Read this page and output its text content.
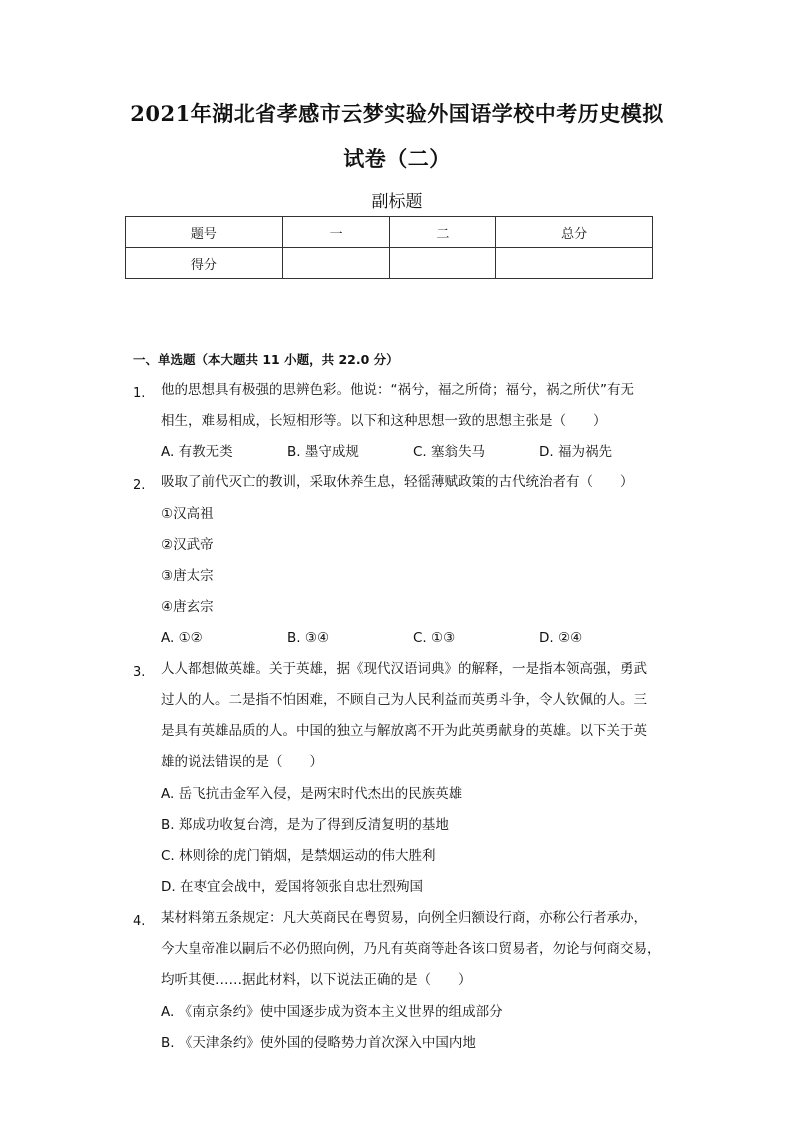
2021年湖北省孝感市云梦实验外国语学校中考历史模拟
试卷（二）
副标题
题号	一	二	总分
得分			
一、单选题（本大题共 11 小题，共 22.0 分）
1. 他的思想具有极强的思辨色彩。他说：“祸兮，福之所倚；福兮，祸之所伏”有无
相生，难易相成，长短相形等。以下和这种思想一致的思想主张是（　　）
A. 有教无类	B. 墨守成规	C. 塞翁失马	D. 福为祸先
2. 吸取了前代灭亡的教训，采取休养生息，轻徭薄赋政策的古代统治者有（　　）
①汉高祖
②汉武帝
③唐太宗
④唐玄宗
A. ①②	B. ③④	C. ①③	D. ②④
3. 人人都想做英雄。关于英雄，据《现代汉语词典》的解释，一是指本领高强，勇武
过人的人。二是指不怕困难，不顾自己为人民利益而英勇斗争，令人钦佩的人。三
是具有英雄品质的人。中国的独立与解放离不开为此英勇献身的英雄。以下关于英
雄的说法错误的是（　　）
A. 岳飞抗击金军入侵，是两宋时代杰出的民族英雄
B. 郑成功收复台湾，是为了得到反清复明的基地
C. 林则徐的虎门销烟，是禁烟运动的伟大胜利
D. 在枣宜会战中，爱国将领张自忠壮烈殉国
4. 某材料第五条规定：凡大英商民在粤贸易，向例全归额设行商，亦称公行者承办，
今大皇帝准以嗣后不必仍照向例，乃凡有英商等赴各该口贸易者，勿论与何商交易，
均听其便……据此材料，以下说法正确的是（　　）
A. 《南京条约》使中国逐步成为资本主义世界的组成部分
B. 《天津条约》使外国的侵略势力首次深入中国内地
